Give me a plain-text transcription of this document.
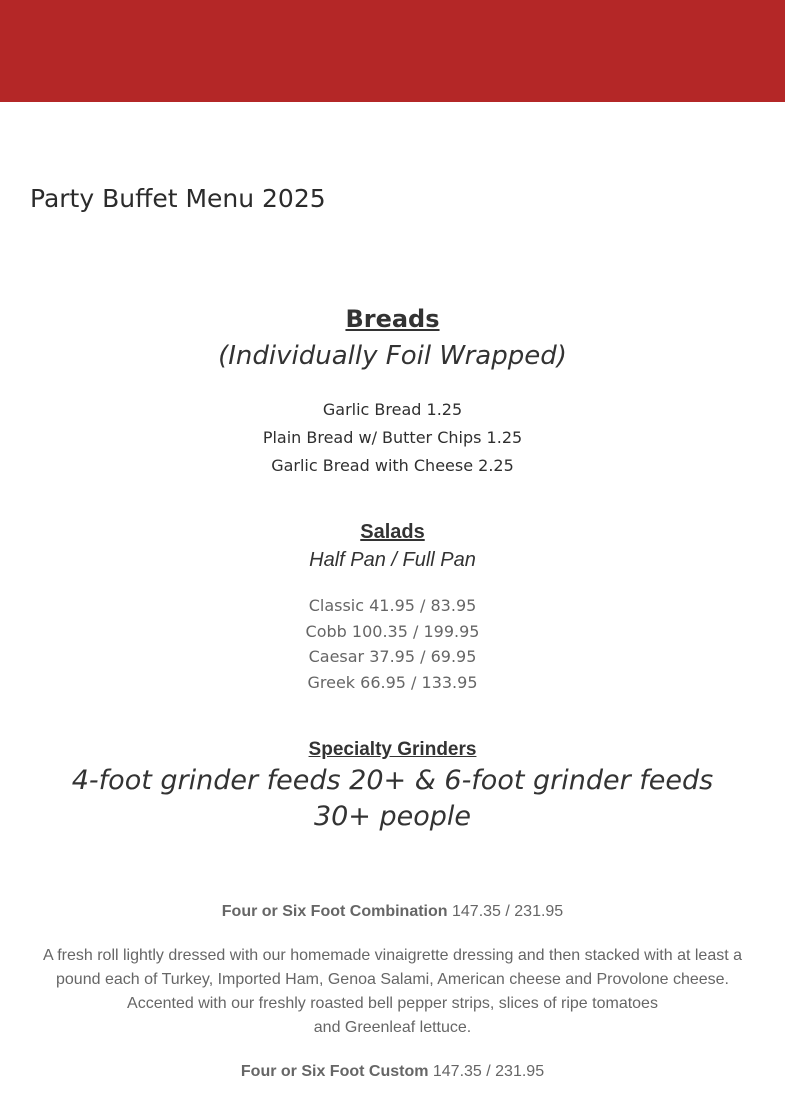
Party Buffet Menu 2025
Breads
(Individually Foil Wrapped)
Garlic Bread 1.25
Plain Bread w/ Butter Chips 1.25
Garlic Bread with Cheese 2.25
Salads
Half Pan / Full Pan
Classic 41.95 / 83.95
Cobb 100.35 / 199.95
Caesar 37.95 / 69.95
Greek 66.95 / 133.95
Specialty Grinders
4-foot grinder feeds 20+ & 6-foot grinder feeds 30+ people
Four or Six Foot Combination 147.35 / 231.95
A fresh roll lightly dressed with our homemade vinaigrette dressing and then stacked with at least a
pound each of Turkey, Imported Ham, Genoa Salami, American cheese and Provolone cheese.
Accented with our freshly roasted bell pepper strips, slices of ripe tomatoes
and Greenleaf lettuce.
Four or Six Foot Custom 147.35 / 231.95
